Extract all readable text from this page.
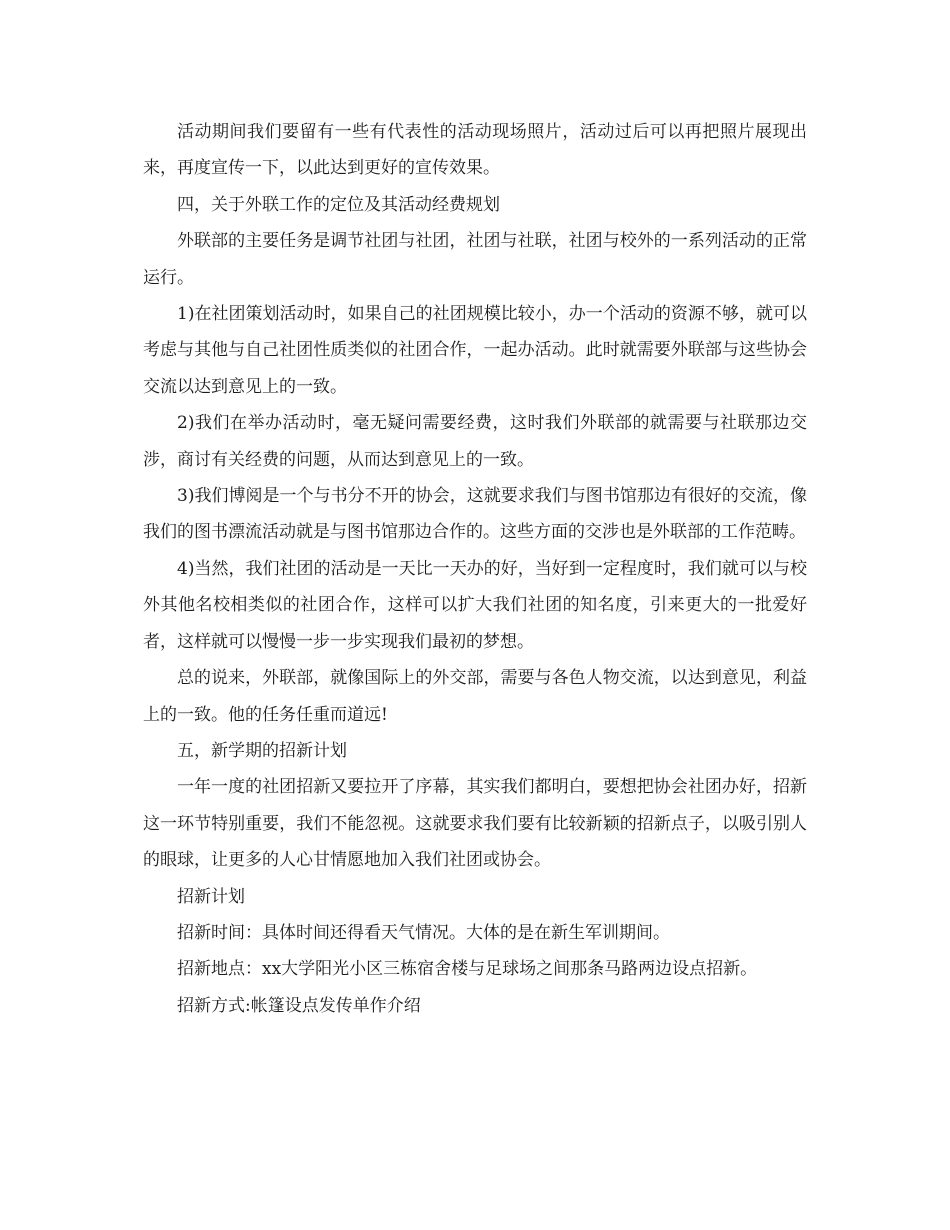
活动期间我们要留有一些有代表性的活动现场照片，活动过后可以再把照片展现出来，再度宣传一下，以此达到更好的宣传效果。

四，关于外联工作的定位及其活动经费规划

外联部的主要任务是调节社团与社团，社团与社联，社团与校外的一系列活动的正常运行。

1)在社团策划活动时，如果自己的社团规模比较小，办一个活动的资源不够，就可以考虑与其他与自己社团性质类似的社团合作，一起办活动。此时就需要外联部与这些协会交流以达到意见上的一致。

2)我们在举办活动时，毫无疑问需要经费，这时我们外联部的就需要与社联那边交涉，商讨有关经费的问题，从而达到意见上的一致。

3)我们博阅是一个与书分不开的协会，这就要求我们与图书馆那边有很好的交流，像我们的图书漂流活动就是与图书馆那边合作的。这些方面的交涉也是外联部的工作范畴。

4)当然，我们社团的活动是一天比一天办的好，当好到一定程度时，我们就可以与校外其他名校相类似的社团合作，这样可以扩大我们社团的知名度，引来更大的一批爱好者，这样就可以慢慢一步一步实现我们最初的梦想。

总的说来，外联部，就像国际上的外交部，需要与各色人物交流，以达到意见，利益上的一致。他的任务任重而道远!

五，新学期的招新计划

一年一度的社团招新又要拉开了序幕，其实我们都明白，要想把协会社团办好，招新这一环节特别重要，我们不能忽视。这就要求我们要有比较新颖的招新点子，以吸引别人的眼球，让更多的人心甘情愿地加入我们社团或协会。

招新计划

招新时间：具体时间还得看天气情况。大体的是在新生军训期间。

招新地点：xx大学阳光小区三栋宿舍楼与足球场之间那条马路两边设点招新。

招新方式:帐篷设点发传单作介绍
